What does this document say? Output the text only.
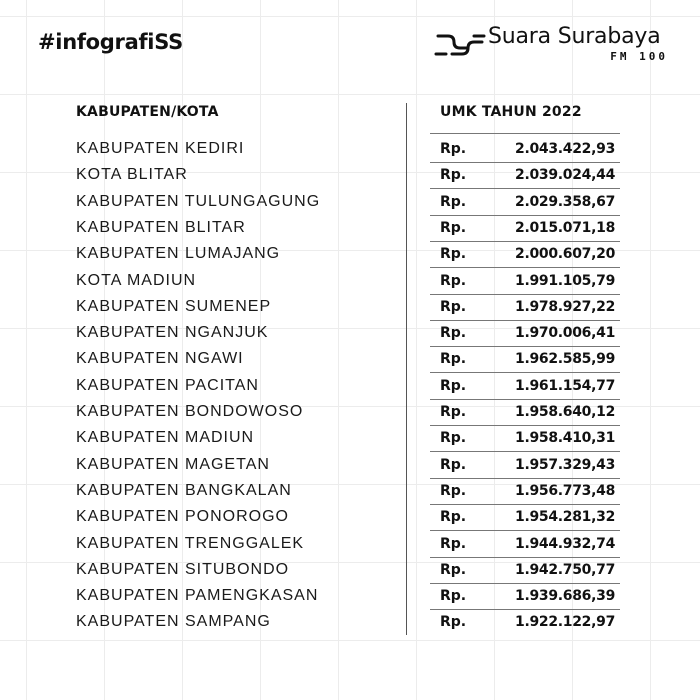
#infografiSS	Suara Surabaya
FM 100
KABUPATEN/KOTA	UMK TAHUN 2022
KABUPATEN KEDIRI	Rp.	2.043.422,93
KOTA BLITAR	Rp.	2.039.024,44
KABUPATEN TULUNGAGUNG	Rp.	2.029.358,67
KABUPATEN BLITAR	Rp.	2.015.071,18
KABUPATEN LUMAJANG	Rp.	2.000.607,20
KOTA MADIUN	Rp.	1.991.105,79
KABUPATEN SUMENEP	Rp.	1.978.927,22
KABUPATEN NGANJUK	Rp.	1.970.006,41
KABUPATEN NGAWI	Rp.	1.962.585,99
KABUPATEN PACITAN	Rp.	1.961.154,77
KABUPATEN BONDOWOSO	Rp.	1.958.640,12
KABUPATEN MADIUN	Rp.	1.958.410,31
KABUPATEN MAGETAN	Rp.	1.957.329,43
KABUPATEN BANGKALAN	Rp.	1.956.773,48
KABUPATEN PONOROGO	Rp.	1.954.281,32
KABUPATEN TRENGGALEK	Rp.	1.944.932,74
KABUPATEN SITUBONDO	Rp.	1.942.750,77
KABUPATEN PAMENGKASAN	Rp.	1.939.686,39
KABUPATEN SAMPANG	Rp.	1.922.122,97
